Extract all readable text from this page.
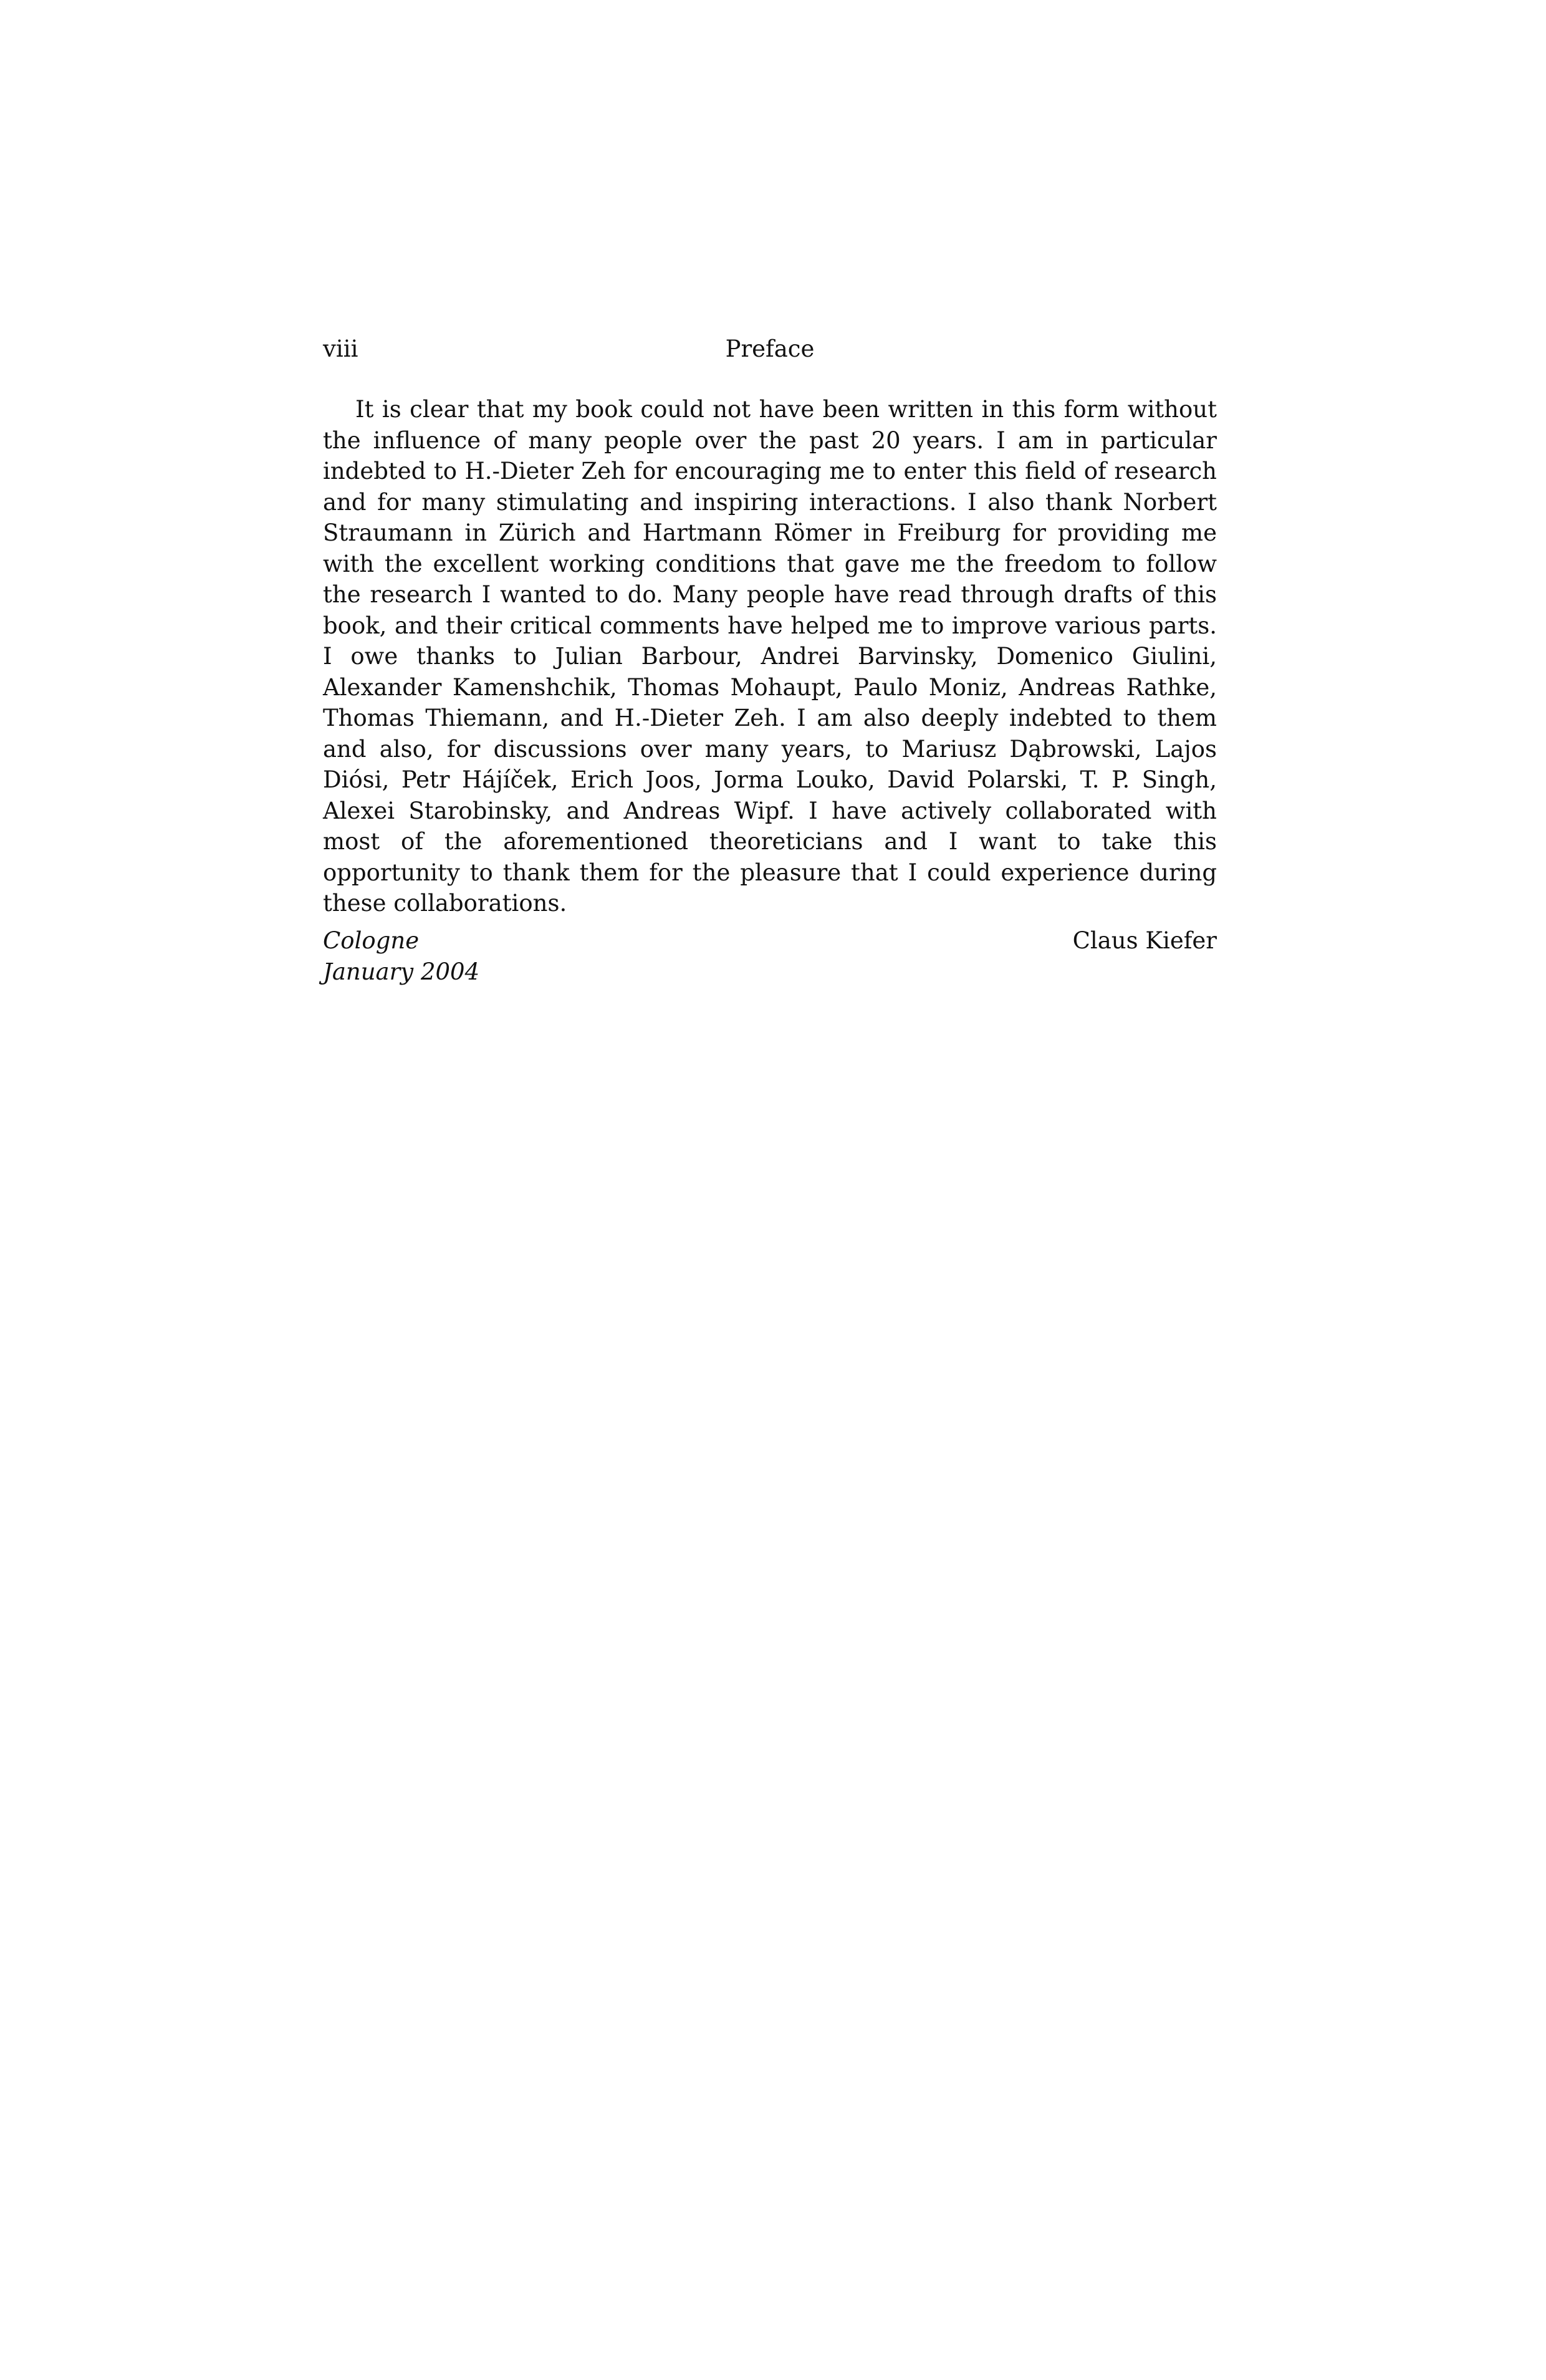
viii	Preface

It is clear that my book could not have been written in this form without the influence of many people over the past 20 years. I am in particular indebted to H.-Dieter Zeh for encouraging me to enter this field of research and for many stimulating and inspiring interactions. I also thank Norbert Straumann in Zürich and Hartmann Römer in Freiburg for providing me with the excellent working conditions that gave me the freedom to follow the research I wanted to do. Many people have read through drafts of this book, and their critical comments have helped me to improve various parts. I owe thanks to Julian Barbour, Andrei Barvinsky, Domenico Giulini, Alexander Kamenshchik, Thomas Mohaupt, Paulo Moniz, Andreas Rathke, Thomas Thiemann, and H.-Dieter Zeh. I am also deeply indebted to them and also, for discussions over many years, to Mariusz Dąbrowski, Lajos Diósi, Petr Hájíček, Erich Joos, Jorma Louko, David Polarski, T. P. Singh, Alexei Starobinsky, and Andreas Wipf. I have actively collaborated with most of the aforementioned theoreticians and I want to take this opportunity to thank them for the pleasure that I could experience during these collaborations.

Cologne
January 2004
Claus Kiefer
